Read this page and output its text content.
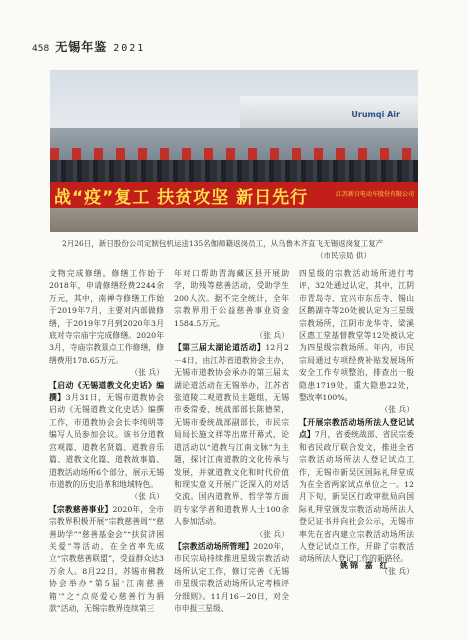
458 无锡年鉴 2021
Urumqi Air
战“疫”复工 扶贫攻坚 新日先行	江苏新日电动车股份有限公司
2月26日，新日股份公司定制包机运送135名伽师籍返岗员工，从乌鲁木齐直飞无锡返岗复工复产
（市民宗局 供）

文物完成修缮。修缮工作始于2018年，申请修缮经费2244余万元，其中，南禅寺修缮工作始于2019年7月，主要对内部做修缮，于2019年7月到2020年3月底对寺宗庙宇完成修缮。2020年3月，寺庙宗教景点工作修缮，修缮费用178.65万元。

（张 兵）

【启动《无锡道教文化史话》编撰】3月31日，无锡市道教协会启动《无锡道教文化史话》编撰工作，市道教协会会长李纯明等编写人员参加会议。该书分道教宫观篇、道教名贤篇、道教音乐篇、道教文化篇、道教故事篇、道教活动场所6个部分，展示无锡市道教的历史沿革和地域特色。

（张 兵）

【宗教慈善事业】2020年，全市宗教界积极开展“宗教慈善周”“慈善助学”“慈善基金会”“扶贫济困关爱”等活动，在全省率先成立“宗教慈善联盟”，受益群众达3万余人。8月22日，苏锡市佛教协会举办“第5届‘江南慈善箱’”之“点亮爱心慈善行为捐款”活动，无锡宗教界连续第三

年对口帮助青海藏区县开展助学，助残等慈善活动，受助学生200人次。据不完全统计，全年宗教界用于公益慈善事业资金1584.5万元。

（张 兵）

【第三届太湖论道活动】12月2－4日，由江苏省道教协会主办，无锡市道教协会承办的第三届太湖论道活动在无锡举办，江苏省张道陵二观道教员主题组，无锡市委常委、统战部部长陈德荣，无锡市委统战部副部长，市民宗局局长施文祥等出席开幕式，论道活动以“道教与江南文脉”为主题，探讨江南道教的文化传承与发展，并就道教文化和时代价值和现实意义开展广泛深入的对话交流。国内道教界、哲学等方面的专家学者和道教界人士100余人参加活动。

（张 兵）

【宗教活动场所管理】2020年，市民宗局持续推进星级宗教活动场所认定工作，修订完善《无锡市星级宗教活动场所认定考核评分细则》。11月16－20日，对全市申报三星级、

四星级的宗教活动场所进行考评，32处通过认定，其中，江阴市青岛寺、宜兴市东岳寺、锡山区鹅湖寺等20处被认定为三星级宗教场所，江阴市龙华寺、梁溪区惠工堂基督教堂等12处被认定为四星级宗教场所。年内，市民宗局通过专项经费补贴发展场所安全工作专项整治，排查出一般隐患1719处，重大隐患22处，整改率100%。

（张 兵）

【开展宗教活动场所法人登记试点】7月，省委统战部、省民宗委和省民政厅联合发文，推进全省宗教活动场所法人登记试点工作，无锡市新吴区国际礼拜堂成为在全省两家试点单位之一。12月下旬，新吴区行政审批局向国际礼拜堂颁发宗教活动场所法人登记证书并向社会公示，无锡市率先在省内建立宗教活动场所法人登记试点工作，开辟了宗教活动场所法人登记工作的新路径。

（张 兵）
姚锦 嘉 红
